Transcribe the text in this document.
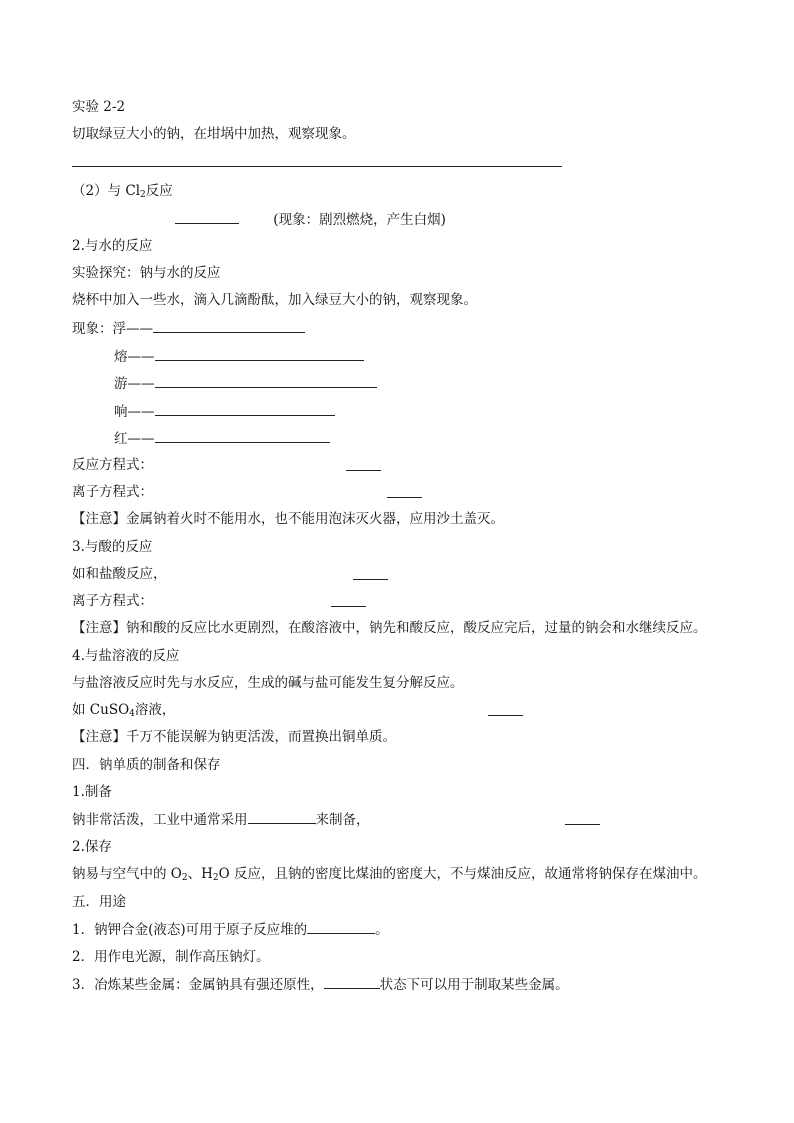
实验 2-2
切取绿豆大小的钠，在坩埚中加热，观察现象。
（2）与 $Cl_2$反应
(现象：剧烈燃烧，产生白烟)
2.与水的反应
实验探究：钠与水的反应
烧杯中加入一些水，滴入几滴酚酞，加入绿豆大小的钠，观察现象。
现象：浮——
熔——
游——
响——
红——
反应方程式：
离子方程式：
【注意】金属钠着火时不能用水，也不能用泡沫灭火器，应用沙土盖灭。
3.与酸的反应
如和盐酸反应，
离子方程式：
【注意】钠和酸的反应比水更剧烈，在酸溶液中，钠先和酸反应，酸反应完后，过量的钠会和水继续反应。
4.与盐溶液的反应
与盐溶液反应时先与水反应，生成的碱与盐可能发生复分解反应。
如 CuSO$_4$溶液，
【注意】千万不能误解为钠更活泼，而置换出铜单质。
四．钠单质的制备和保存
1.制备
钠非常活泼，工业中通常采用	来制备，
2.保存
钠易与空气中的 $O_2$、$H_2O$ 反应，且钠的密度比煤油的密度大，不与煤油反应，故通常将钠保存在煤油中。
五．用途
1．钠钾合金(液态)可用于原子反应堆的	。
2．用作电光源，制作高压钠灯。
3．冶炼某些金属：金属钠具有强还原性，	状态下可以用于制取某些金属。
